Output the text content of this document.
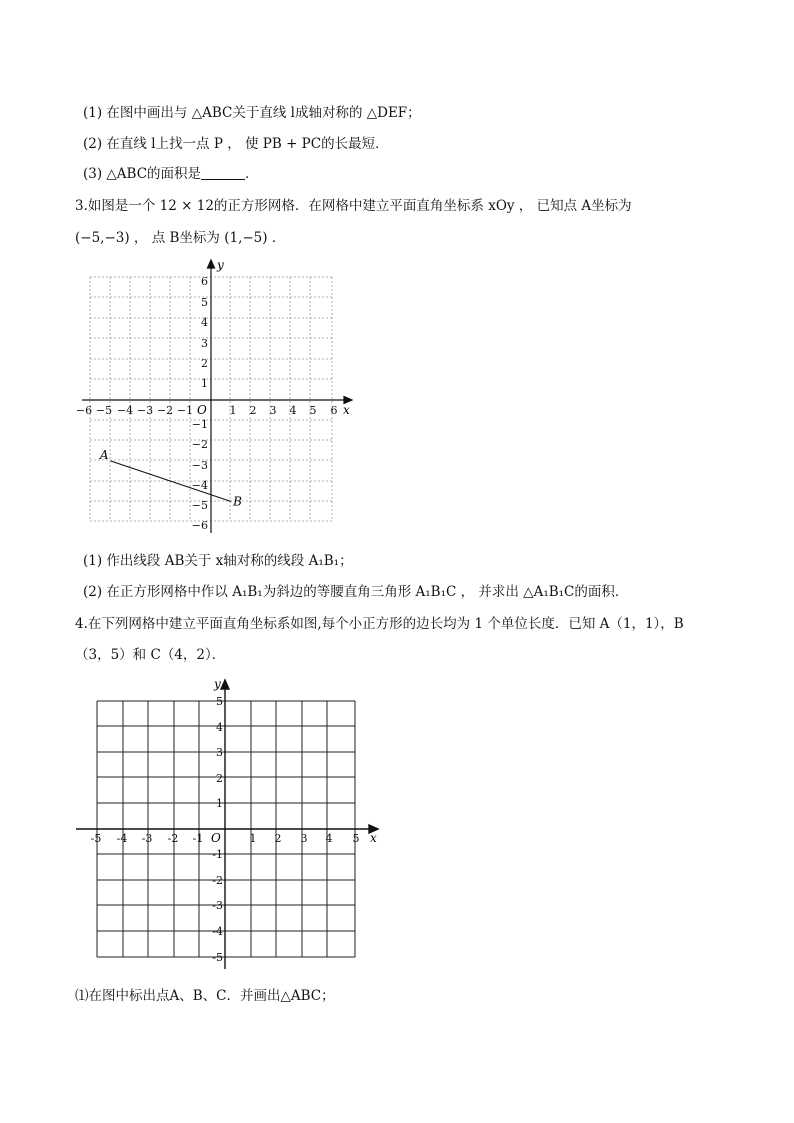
(1) 在图中画出与 △ABC关于直线 l成轴对称的 △DEF；
(2) 在直线 l上找一点 P ， 使 PB + PC的长最短．
(3) △ABC的面积是	．
3.如图是一个 12 × 12的正方形网格．在网格中建立平面直角坐标系 xOy ， 已知点 A坐标为
(−5,−3) ， 点 B坐标为 (1,−5) ．
x
y
O
−6 −5 −4 −3 −2 −1	1 2 3 4 5 6
6
5
4
3
2
1
−1
−2
−3
−4
−5
−6
A
B
(1) 作出线段 AB关于 x轴对称的线段 A₁B₁；
(2) 在正方形网格中作以 A₁B₁为斜边的等腰直角三角形 A₁B₁C ， 并求出 △A₁B₁C的面积．
4.在下列网格中建立平面直角坐标系如图,每个小正方形的边长均为 1 个单位长度．已知 A（1，1），B
（3，5）和 C（4，2）．
x
y
O
-5 -4 -3 -2 -1	1 2 3 4 5
5
4
3
2
1
-1
-2
-3
-4
-5
⑴在图中标出点A、B、C．并画出△ABC；
